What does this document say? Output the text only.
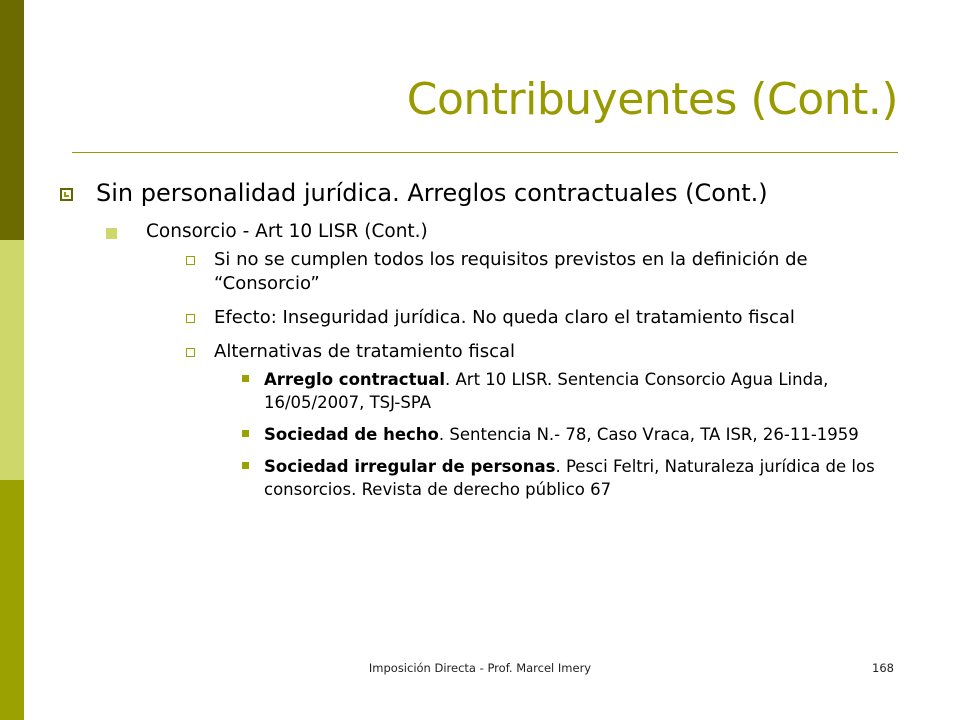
Contribuyentes (Cont.)
Sin personalidad jurídica. Arreglos contractuales (Cont.)
Consorcio - Art 10 LISR (Cont.)
Si no se cumplen todos los requisitos previstos en la definición de “Consorcio”
Efecto: Inseguridad jurídica. No queda claro el tratamiento fiscal
Alternativas de tratamiento fiscal
Arreglo contractual. Art 10 LISR. Sentencia Consorcio Agua Linda, 16/05/2007, TSJ-SPA
Sociedad de hecho. Sentencia N.- 78, Caso Vraca, TA ISR, 26-11-1959
Sociedad irregular de personas. Pesci Feltri, Naturaleza jurídica de los consorcios. Revista de derecho público 67
Imposición Directa - Prof. Marcel Imery	168
